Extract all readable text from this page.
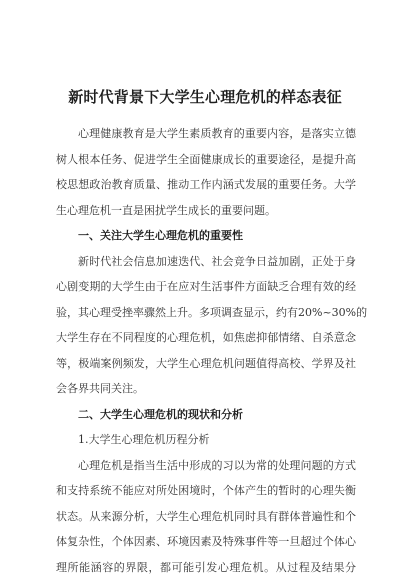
新时代背景下大学生心理危机的样态表征
心理健康教育是大学生素质教育的重要内容，是落实立德
树人根本任务、促进学生全面健康成长的重要途径，是提升高
校思想政治教育质量、推动工作内涵式发展的重要任务。大学
生心理危机一直是困扰学生成长的重要问题。
一、关注大学生心理危机的重要性
新时代社会信息加速迭代、社会竞争日益加剧，正处于身
心剧变期的大学生由于在应对生活事件方面缺乏合理有效的经
验，其心理受挫率骤然上升。多项调查显示，约有20%~30%的
大学生存在不同程度的心理危机，如焦虑抑郁情绪、自杀意念
等，极端案例频发，大学生心理危机问题值得高校、学界及社
会各界共同关注。
二、大学生心理危机的现状和分析
1.大学生心理危机历程分析
心理危机是指当生活中形成的习以为常的处理问题的方式
和支持系统不能应对所处困境时，个体产生的暂时的心理失衡
状态。从来源分析，大学生心理危机同时具有群体普遍性和个
体复杂性，个体因素、环境因素及特殊事件等一旦超过个体心
理所能涵容的界限，都可能引发心理危机。从过程及结果分
